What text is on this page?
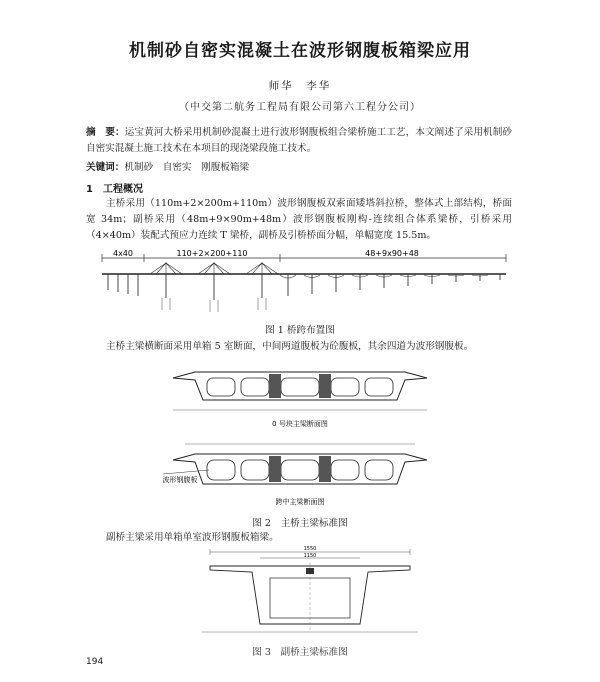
机制砂自密实混凝土在波形钢腹板箱梁应用
师华　李华
（中交第二航务工程局有限公司第六工程分公司）
摘　要：运宝黄河大桥采用机制砂混凝土进行波形钢腹板组合梁桥施工工艺，本文阐述了采用机制砂自密实混凝土施工技术在本项目的现浇梁段施工技术。
关键词：机制砂　自密实　刚腹板箱梁
1　工程概况
主桥采用（110m+2×200m+110m）波形钢腹板双索面矮塔斜拉桥，整体式上部结构，桥面宽 34m；副桥采用（48m+9×90m+48m）波形钢腹板刚构-连续组合体系梁桥，引桥采用（4×40m）装配式预应力连续 T 梁桥，副桥及引桥桥面分幅，单幅宽度 15.5m。
4x40	110+2×200+110	48+9x90+48
图 1 桥跨布置图
主桥主梁横断面采用单箱 5 室断面，中间两道腹板为砼腹板，其余四道为波形钢腹板。
0 号块主梁断面图
波形钢腹板
跨中主梁断面图
图 2　主桥主梁标准图
副桥主梁采用单箱单室波形钢腹板箱梁。
1550
1150
图 3　副桥主梁标准图
194
